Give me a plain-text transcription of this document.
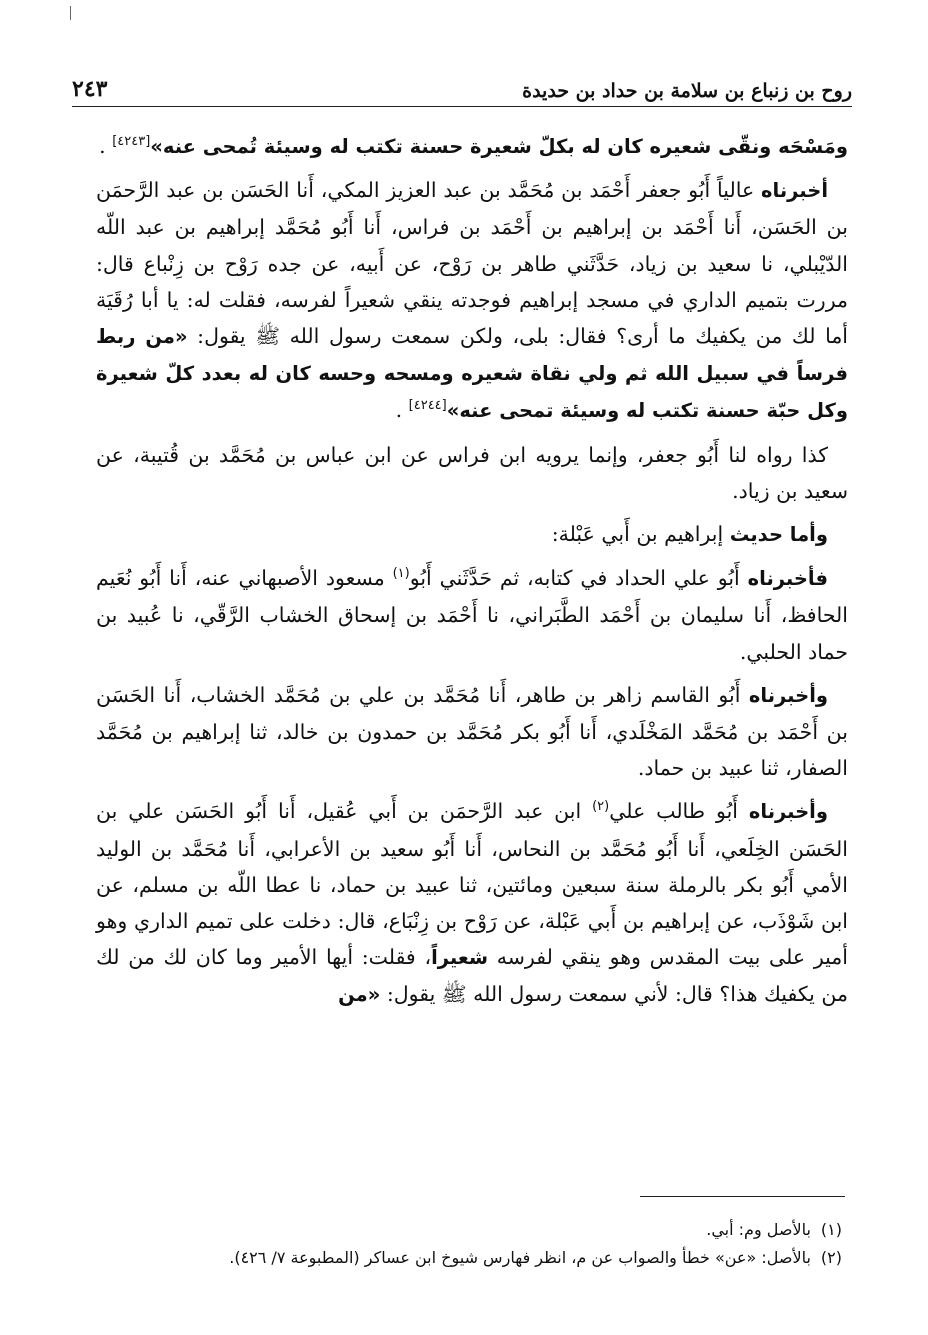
روح بن زنباع بن سلامة بن حداد بن حديدة
٢٤٣

ومَسْحَه ونقّى شعيره كان له بكلّ شعيرة حسنة تكتب له وسيئة تُمحى عنه»[٤٢٤٣] .

أخبرناه عالياً أَبُو جعفر أَحْمَد بن مُحَمَّد بن عبد العزيز المكي، أَنا الحَسَن بن عبد الرَّحمَن بن الحَسَن، أَنا أَحْمَد بن إبراهيم بن أَحْمَد بن فراس، أَنا أَبُو مُحَمَّد إبراهيم بن عبد اللّه الدّيْبلي، نا سعيد بن زياد، حَدَّثَني طاهر بن رَوْح، عن أَبيه، عن جده رَوْح بن زِنْباع قال: مررت بتميم الداري في مسجد إبراهيم فوجدته ينقي شعيراً لفرسه، فقلت له: يا أبا رُقَيَة أما لك من يكفيك ما أرى؟ فقال: بلى، ولكن سمعت رسول الله ﷺ يقول: «من ربط فرساً في سبيل الله ثم ولي نقاة شعيره ومسحه وحسه كان له بعدد كلّ شعيرة وكل حبّة حسنة تكتب له وسيئة تمحى عنه»[٤٢٤٤] .

كذا رواه لنا أَبُو جعفر، وإنما يرويه ابن فراس عن ابن عباس بن مُحَمَّد بن قُتيبة، عن سعيد بن زياد.

وأما حديث إبراهيم بن أَبي عَبْلة:

فأخبرناه أَبُو علي الحداد في كتابه، ثم حَدَّثَني أَبُو$^{(١)}$ مسعود الأصبهاني عنه، أَنا أَبُو نُعَيم الحافظ، أَنا سليمان بن أَحْمَد الطَّبَراني، نا أَحْمَد بن إسحاق الخشاب الرَّقّي، نا عُبيد بن حماد الحلبي.

وأخبرناه أَبُو القاسم زاهر بن طاهر، أَنا مُحَمَّد بن علي بن مُحَمَّد الخشاب، أَنا الحَسَن بن أَحْمَد بن مُحَمَّد المَخْلَدي، أَنا أَبُو بكر مُحَمَّد بن حمدون بن خالد، ثنا إبراهيم بن مُحَمَّد الصفار، ثنا عبيد بن حماد.

وأخبرناه أَبُو طالب علي$^{(٢)}$ ابن عبد الرَّحمَن بن أَبي عُقيل، أَنا أَبُو الحَسَن علي بن الحَسَن الخِلَعي، أَنا أَبُو مُحَمَّد بن النحاس، أَنا أَبُو سعيد بن الأعرابي، أَنا مُحَمَّد بن الوليد الأمي أَبُو بكر بالرملة سنة سبعين ومائتين، ثنا عبيد بن حماد، نا عطا اللّه بن مسلم، عن ابن شَوْذَب، عن إبراهيم بن أَبي عَبْلة، عن رَوْح بن زِنْبَاع، قال: دخلت على تميم الداري وهو أمير على بيت المقدس وهو ينقي لفرسه شعيراً، فقلت: أيها الأمير وما كان لك من لك من يكفيك هذا؟ قال: لأني سمعت رسول الله ﷺ يقول: «من

(١)بالأصل وم: أبي.
(٢)بالأصل: «عن» خطأ والصواب عن م، انظر فهارس شيوخ ابن عساكر (المطبوعة ٧/ ٤٢٦).
